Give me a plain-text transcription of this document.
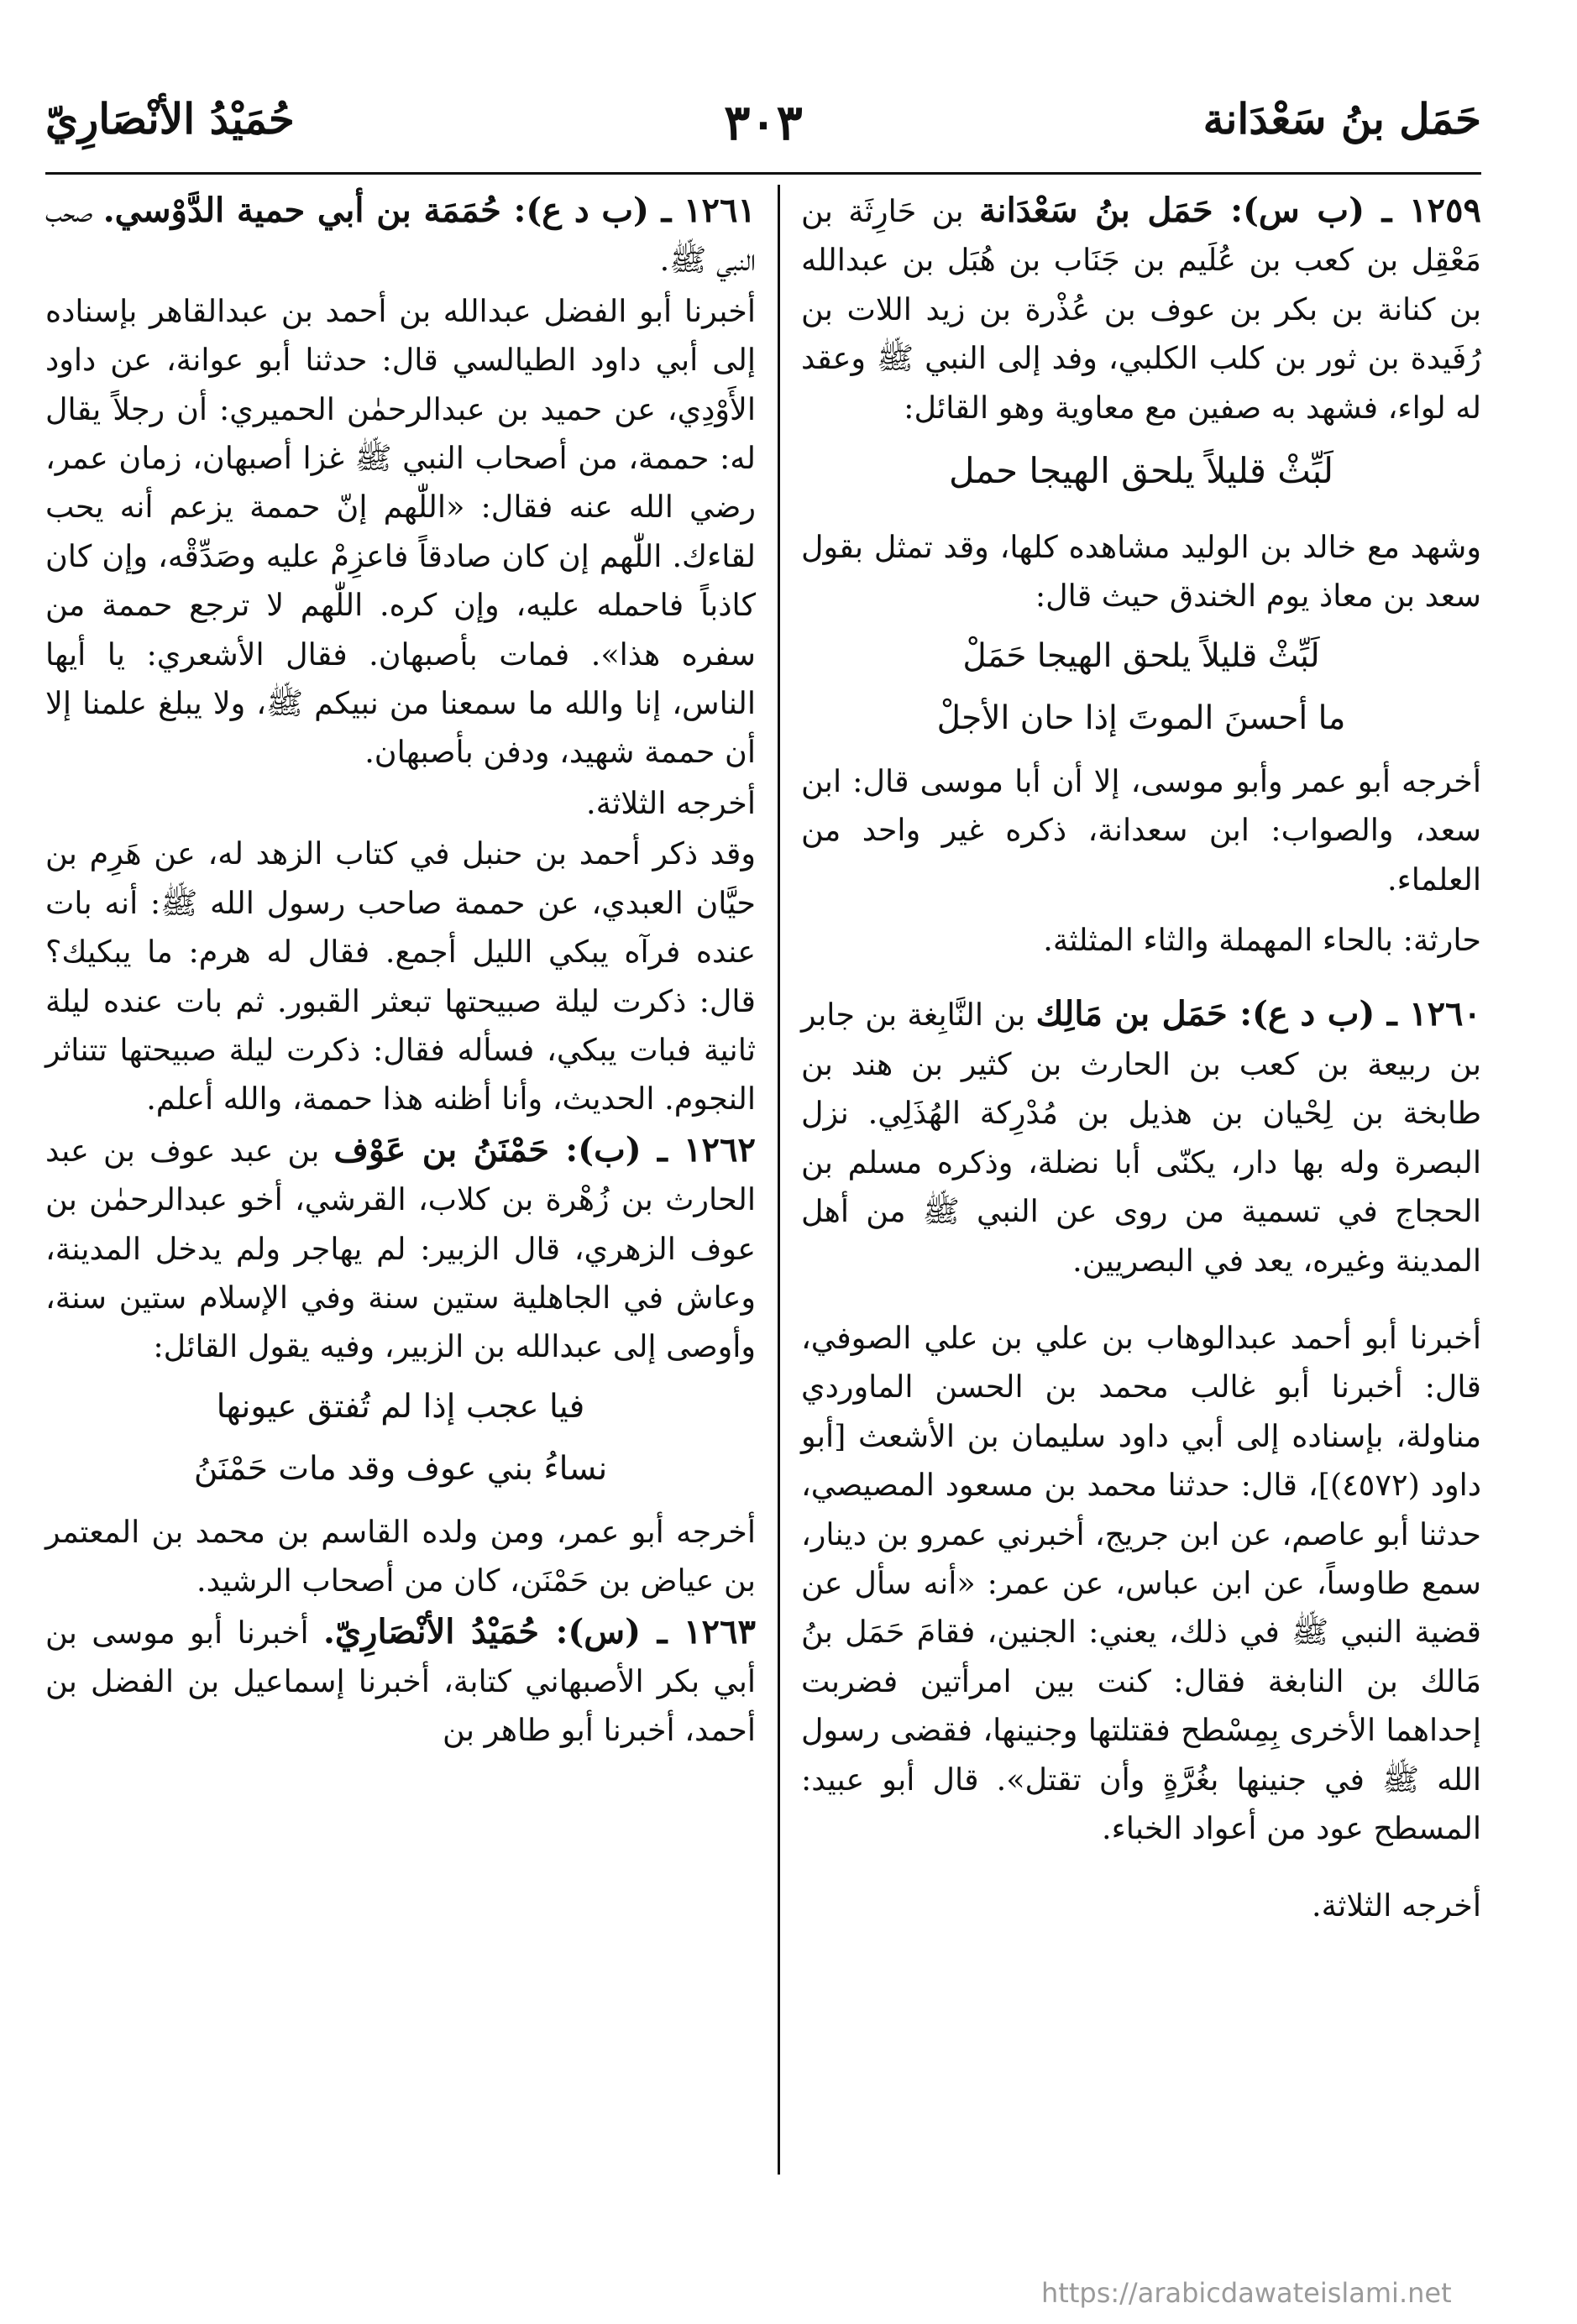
حَمَل بنُ سَعْدَانة
٣٠٣
حُمَيْدُ الأنْصَارِيّ

١٢٥٩ ـ (ب س): حَمَل بنُ سَعْدَانة بن حَارِثَة بن مَعْقِل بن كعب بن عُلَيم بن جَنَاب بن هُبَل بن عبدالله بن كنانة بن بكر بن عوف بن عُذْرة بن زيد اللات بن رُفَيدة بن ثور بن كلب الكلبي، وفد إلى النبي ﷺ وعقد له لواء، فشهد به صفين مع معاوية وهو القائل:

لَبِّثْ قليلاً يلحق الهيجا حمل

وشهد مع خالد بن الوليد مشاهده كلها، وقد تمثل بقول سعد بن معاذ يوم الخندق حيث قال:

لَبِّثْ قليلاً يلحق الهيجا حَمَلْ
ما أحسنَ الموتَ إذا حان الأجلْ

أخرجه أبو عمر وأبو موسى، إلا أن أبا موسى قال: ابن سعد، والصواب: ابن سعدانة، ذكره غير واحد من العلماء.

حارثة: بالحاء المهملة والثاء المثلثة.

١٢٦٠ ـ (ب د ع): حَمَل بن مَالِك بن النَّابِغة بن جابر بن ربيعة بن كعب بن الحارث بن كثير بن هند بن طابخة بن لِحْيان بن هذيل بن مُدْرِكة الهُذَلِي. نزل البصرة وله بها دار، يكنّى أبا نضلة، وذكره مسلم بن الحجاج في تسمية من روى عن النبي ﷺ من أهل المدينة وغيره، يعد في البصريين.

أخبرنا أبو أحمد عبدالوهاب بن علي بن علي الصوفي، قال: أخبرنا أبو غالب محمد بن الحسن الماوردي مناولة، بإسناده إلى أبي داود سليمان بن الأشعث [أبو داود (٤٥٧٢)]، قال: حدثنا محمد بن مسعود المصيصي، حدثنا أبو عاصم، عن ابن جريج، أخبرني عمرو بن دينار، سمع طاوساً، عن ابن عباس، عن عمر: «أنه سأل عن قضية النبي ﷺ في ذلك، يعني: الجنين، فقامَ حَمَل بنُ مَالك بن النابغة فقال: كنت بين امرأتين فضربت إحداهما الأخرى بِمِسْطح فقتلتها وجنينها، فقضى رسول الله ﷺ في جنينها بغُرَّةٍ وأن تقتل». قال أبو عبيد: المسطح عود من أعواد الخباء.

أخرجه الثلاثة.

١٢٦١ ـ (ب د ع): حُمَمَة بن أبي حمية الدَّوْسي. صحب النبي ﷺ.

أخبرنا أبو الفضل عبدالله بن أحمد بن عبدالقاهر بإسناده إلى أبي داود الطيالسي قال: حدثنا أبو عوانة، عن داود الأَوْدِي، عن حميد بن عبدالرحمٰن الحميري: أن رجلاً يقال له: حممة، من أصحاب النبي ﷺ غزا أصبهان، زمان عمر، رضي الله عنه فقال: «اللّٰهم إنّ حممة يزعم أنه يحب لقاءك. اللّٰهم إن كان صادقاً فاعزِمْ عليه وصَدِّقْه، وإن كان كاذباً فاحمله عليه، وإن كره. اللّٰهم لا ترجع حممة من سفره هذا». فمات بأصبهان. فقال الأشعري: يا أيها الناس، إنا والله ما سمعنا من نبيكم ﷺ، ولا يبلغ علمنا إلا أن حممة شهيد، ودفن بأصبهان.

أخرجه الثلاثة.

وقد ذكر أحمد بن حنبل في كتاب الزهد له، عن هَرِم بن حيَّان العبدي، عن حممة صاحب رسول الله ﷺ: أنه بات عنده فرآه يبكي الليل أجمع. فقال له هرم: ما يبكيك؟ قال: ذكرت ليلة صبيحتها تبعثر القبور. ثم بات عنده ليلة ثانية فبات يبكي، فسأله فقال: ذكرت ليلة صبيحتها تتناثر النجوم. الحديث، وأنا أظنه هذا حممة، والله أعلم.

١٢٦٢ ـ (ب): حَمْنَنُ بن عَوْف بن عبد عوف بن عبد الحارث بن زُهْرة بن كلاب، القرشي، أخو عبدالرحمٰن بن عوف الزهري، قال الزبير: لم يهاجر ولم يدخل المدينة، وعاش في الجاهلية ستين سنة وفي الإسلام ستين سنة، وأوصى إلى عبدالله بن الزبير، وفيه يقول القائل:

فيا عجب إذا لم تُفتق عيونها
نساءُ بني عوف وقد مات حَمْنَنُ

أخرجه أبو عمر، ومن ولده القاسم بن محمد بن المعتمر بن عياض بن حَمْنَن، كان من أصحاب الرشيد.

١٢٦٣ ـ (س): حُمَيْدُ الأنْصَارِيّ. أخبرنا أبو موسى بن أبي بكر الأصبهاني كتابة، أخبرنا إسماعيل بن الفضل بن أحمد، أخبرنا أبو طاهر بن

https://arabicdawateislami.net
